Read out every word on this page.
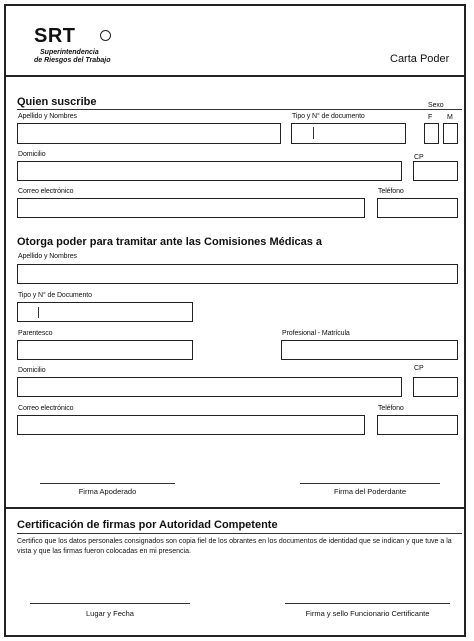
SRT
Superintendencia
de Riesgos del Trabajo	Carta Poder
Quien suscribe
Apellido y Nombres	Tipo y N° de documento
Sexo
F M
Domicilio	CP
Correo electrónico	Teléfono
Otorga poder para tramitar ante las Comisiones Médicas a
Apellido y Nombres
Tipo y N° de Documento
Parentesco	Profesional - Matrícula
Domicilio	CP
Correo electrónico	Teléfono
Firma Apoderado	Firma del Poderdante
Certificación de firmas por Autoridad Competente
Certifico que los datos personales consignados son copia fiel de los obrantes en los documentos de identidad que se indican y que tuve a la vista y que las firmas fueron colocadas en mi presencia.
Lugar y Fecha	Firma y sello Funcionario Certificante
